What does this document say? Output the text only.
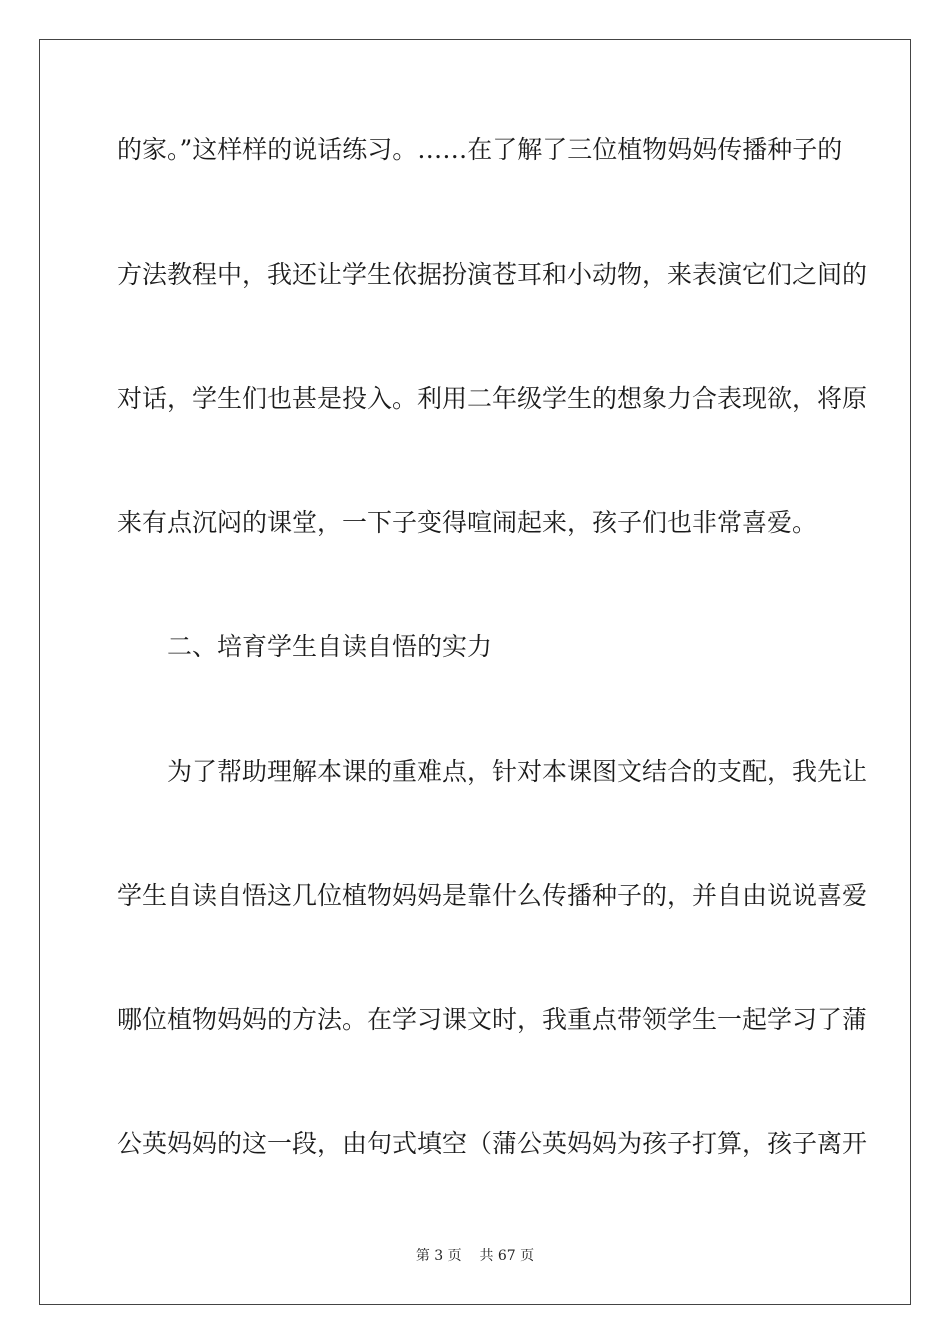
的家。”这样样的说话练习。……在了解了三位植物妈妈传播种子的
方法教程中，我还让学生依据扮演苍耳和小动物，来表演它们之间的
对话，学生们也甚是投入。利用二年级学生的想象力合表现欲，将原
来有点沉闷的课堂，一下子变得喧闹起来，孩子们也非常喜爱。
二、培育学生自读自悟的实力
为了帮助理解本课的重难点，针对本课图文结合的支配，我先让
学生自读自悟这几位植物妈妈是靠什么传播种子的，并自由说说喜爱
哪位植物妈妈的方法。在学习课文时，我重点带领学生一起学习了蒲
公英妈妈的这一段，由句式填空（蒲公英妈妈为孩子打算，孩子离开
第 3 页 共 67 页
